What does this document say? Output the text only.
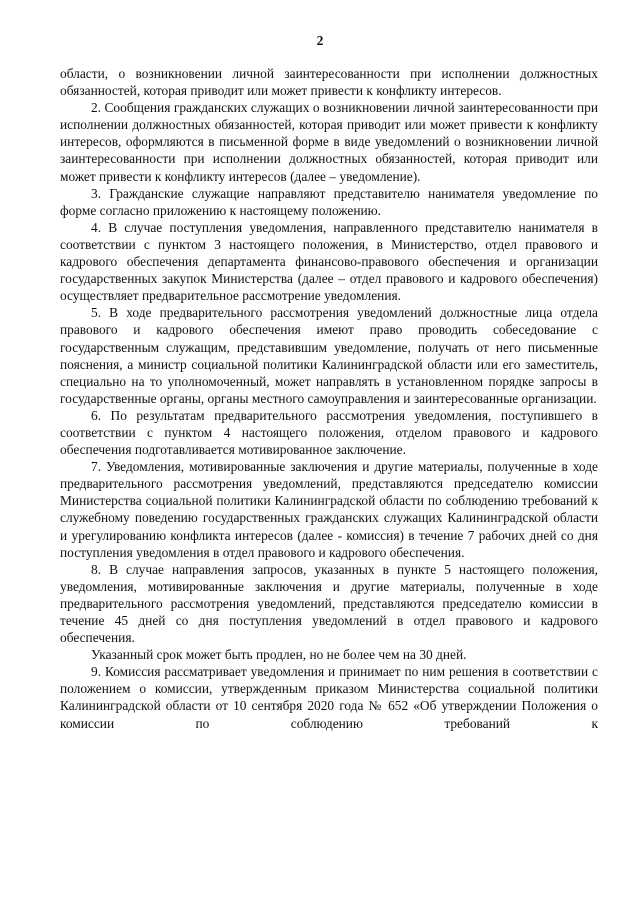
2

области, о возникновении личной заинтересованности при исполнении должностных обязанностей, которая приводит или может привести к конфликту интересов.

2. Сообщения гражданских служащих о возникновении личной заинтересованности при исполнении должностных обязанностей, которая приводит или может привести к конфликту интересов, оформляются в письменной форме в виде уведомлений о возникновении личной заинтересованности при исполнении должностных обязанностей, которая приводит или может привести к конфликту интересов (далее – уведомление).

3. Гражданские служащие направляют представителю нанимателя уведомление по форме согласно приложению к настоящему положению.

4. В случае поступления уведомления, направленного представителю нанимателя в соответствии с пунктом 3 настоящего положения, в Министерство, отдел правового и кадрового обеспечения департамента финансово-правового обеспечения и организации государственных закупок Министерства (далее – отдел правового и кадрового обеспечения) осуществляет предварительное рассмотрение уведомления.

5. В ходе предварительного рассмотрения уведомлений должностные лица отдела правового и кадрового обеспечения имеют право проводить собеседование с государственным служащим, представившим уведомление, получать от него письменные пояснения, а министр социальной политики Калининградской области или его заместитель, специально на то уполномоченный, может направлять в установленном порядке запросы в государственные органы, органы местного самоуправления и заинтересованные организации.

6. По результатам предварительного рассмотрения уведомления, поступившего в соответствии с пунктом 4 настоящего положения, отделом правового и кадрового обеспечения подготавливается мотивированное заключение.

7. Уведомления, мотивированные заключения и другие материалы, полученные в ходе предварительного рассмотрения уведомлений, представляются председателю комиссии Министерства социальной политики Калининградской области по соблюдению требований к служебному поведению государственных гражданских служащих Калининградской области и урегулированию конфликта интересов (далее - комиссия) в течение 7 рабочих дней со дня поступления уведомления в отдел правового и кадрового обеспечения.

8. В случае направления запросов, указанных в пункте 5 настоящего положения, уведомления, мотивированные заключения и другие материалы, полученные в ходе предварительного рассмотрения уведомлений, представляются председателю комиссии в течение 45 дней со дня поступления уведомлений в отдел правового и кадрового обеспечения.

Указанный срок может быть продлен, но не более чем на 30 дней.

9. Комиссия рассматривает уведомления и принимает по ним решения в соответствии с положением о комиссии, утвержденным приказом Министерства социальной политики Калининградской области от 10 сентября 2020 года № 652 «Об утверждении Положения о комиссии по соблюдению требований к
